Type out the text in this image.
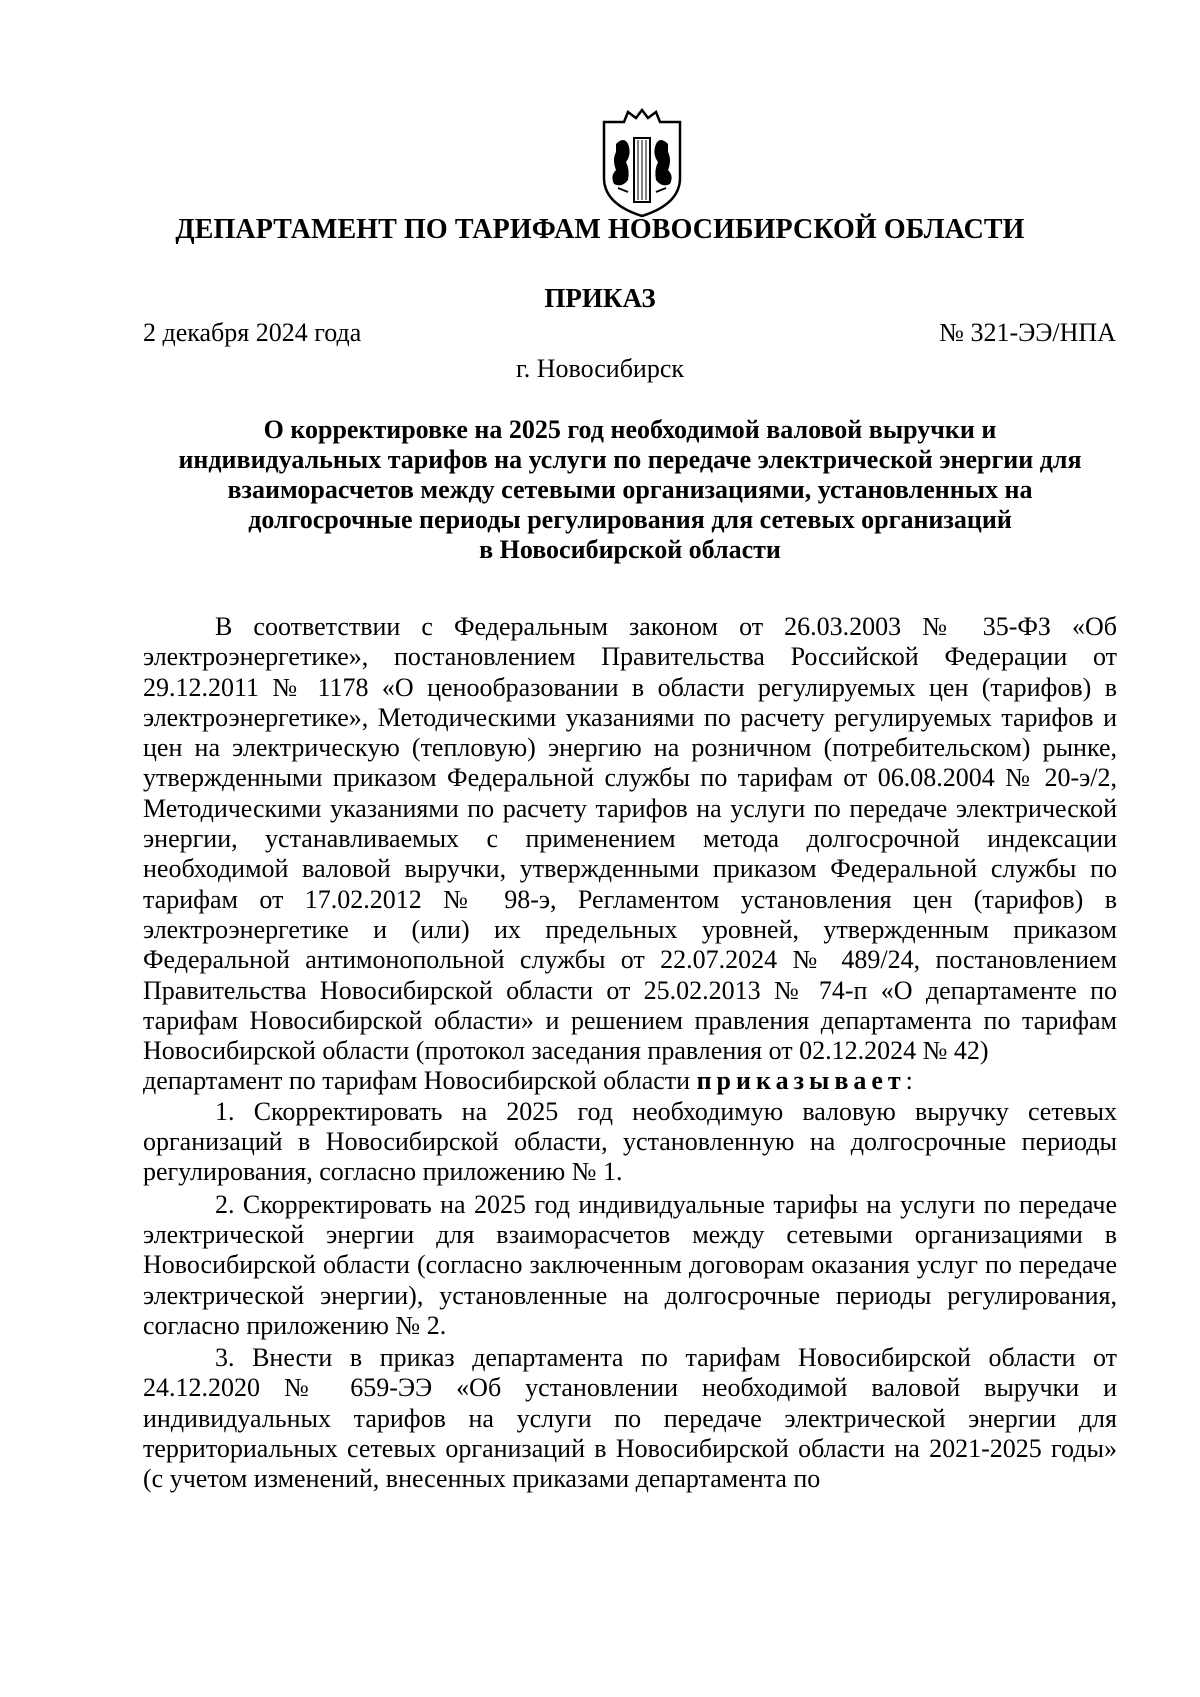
ДЕПАРТАМЕНТ ПО ТАРИФАМ НОВОСИБИРСКОЙ ОБЛАСТИ
ПРИКАЗ
2 декабря 2024 года	№ 321-ЭЭ/НПА
г. Новосибирск
О корректировке на 2025 год необходимой валовой выручки и
индивидуальных тарифов на услуги по передаче электрической энергии для
взаиморасчетов между сетевыми организациями, установленных на
долгосрочные периоды регулирования для сетевых организаций
в Новосибирской области

В соответствии с Федеральным законом от 26.03.2003 № 35-ФЗ «Об электроэнергетике», постановлением Правительства Российской Федерации от 29.12.2011 № 1178 «О ценообразовании в области регулируемых цен (тарифов) в электроэнергетике», Методическими указаниями по расчету регулируемых тарифов и цен на электрическую (тепловую) энергию на розничном (потребительском) рынке, утвержденными приказом Федеральной службы по тарифам от 06.08.2004 № 20-э/2, Методическими указаниями по расчету тарифов на услуги по передаче электрической энергии, устанавливаемых с применением метода долгосрочной индексации необходимой валовой выручки, утвержденными приказом Федеральной службы по тарифам от 17.02.2012 № 98-э, Регламентом установления цен (тарифов) в электроэнергетике и (или) их предельных уровней, утвержденным приказом Федеральной антимонопольной службы от 22.07.2024 № 489/24, постановлением Правительства Новосибирской области от 25.02.2013 № 74-п «О департаменте по тарифам Новосибирской области» и решением правления департамента по тарифам Новосибирской области (протокол заседания правления от 02.12.2024 № 42)

департамент по тарифам Новосибирской области приказывает:

1. Скорректировать на 2025 год необходимую валовую выручку сетевых организаций в Новосибирской области, установленную на долгосрочные периоды регулирования, согласно приложению № 1.

2. Скорректировать на 2025 год индивидуальные тарифы на услуги по передаче электрической энергии для взаиморасчетов между сетевыми организациями в Новосибирской области (согласно заключенным договорам оказания услуг по передаче электрической энергии), установленные на долгосрочные периоды регулирования, согласно приложению № 2.

3. Внести в приказ департамента по тарифам Новосибирской области от 24.12.2020 № 659-ЭЭ «Об установлении необходимой валовой выручки и индивидуальных тарифов на услуги по передаче электрической энергии для территориальных сетевых организаций в Новосибирской области на 2021-2025 годы» (с учетом изменений, внесенных приказами департамента по
